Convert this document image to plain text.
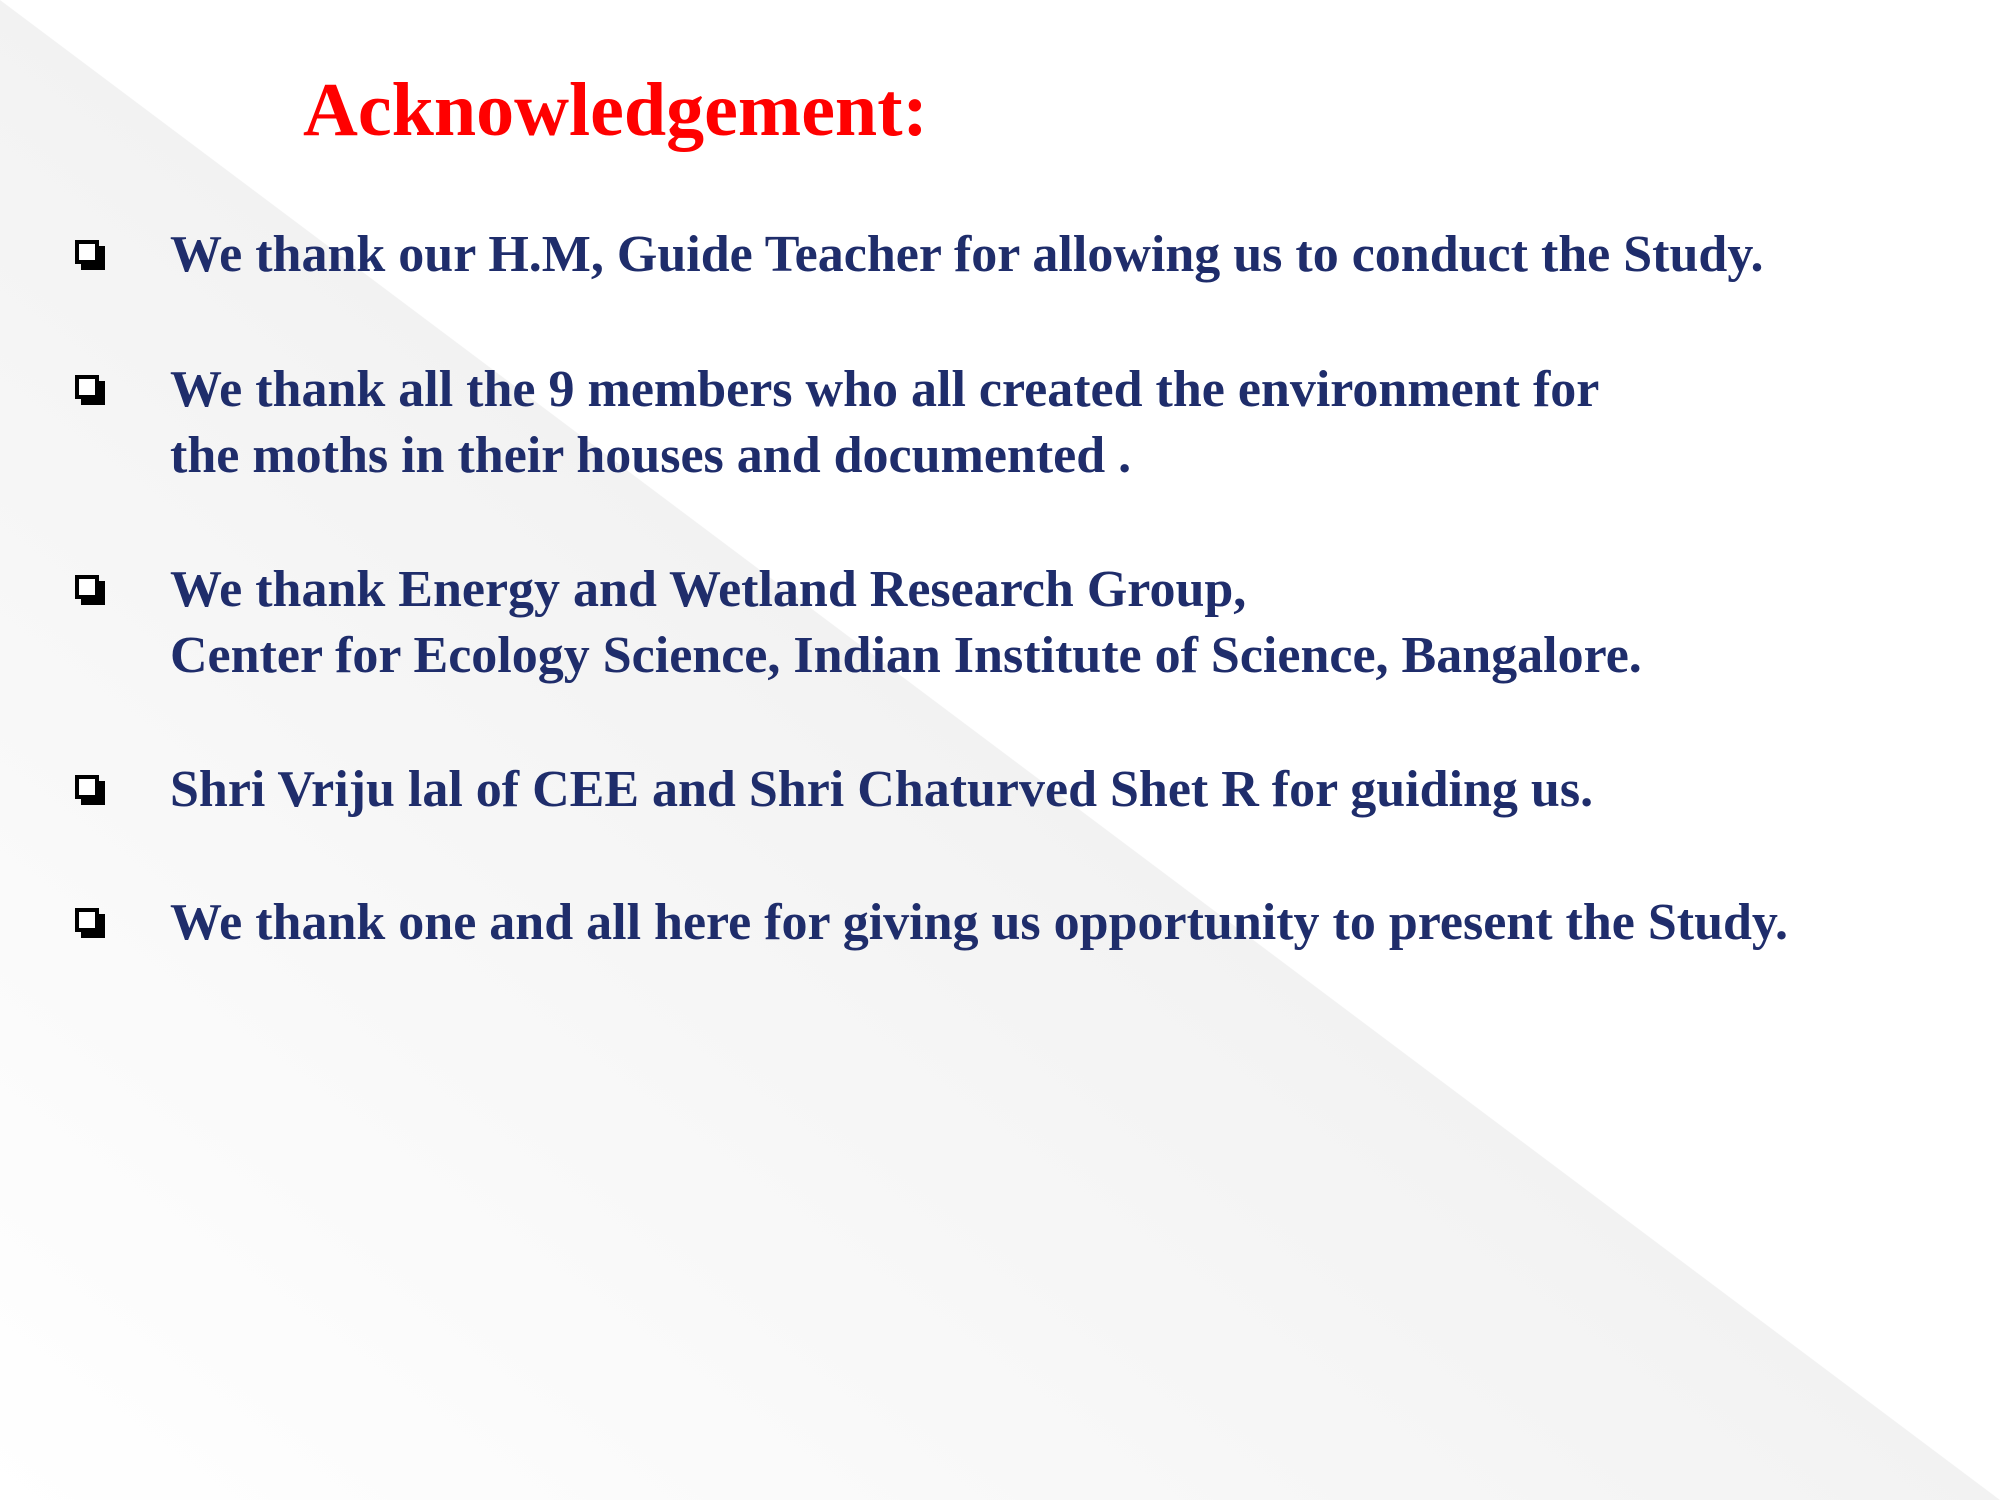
Acknowledgement:
We thank our H.M, Guide Teacher for allowing us to conduct the Study.
We thank all the 9 members who all created the environment for
the moths in their houses and documented .
We thank Energy and Wetland Research Group,
Center for Ecology Science, Indian Institute of Science, Bangalore.
Shri Vriju lal of CEE and Shri Chaturved Shet R for guiding us.
We thank one and all here for giving us opportunity to present the Study.
